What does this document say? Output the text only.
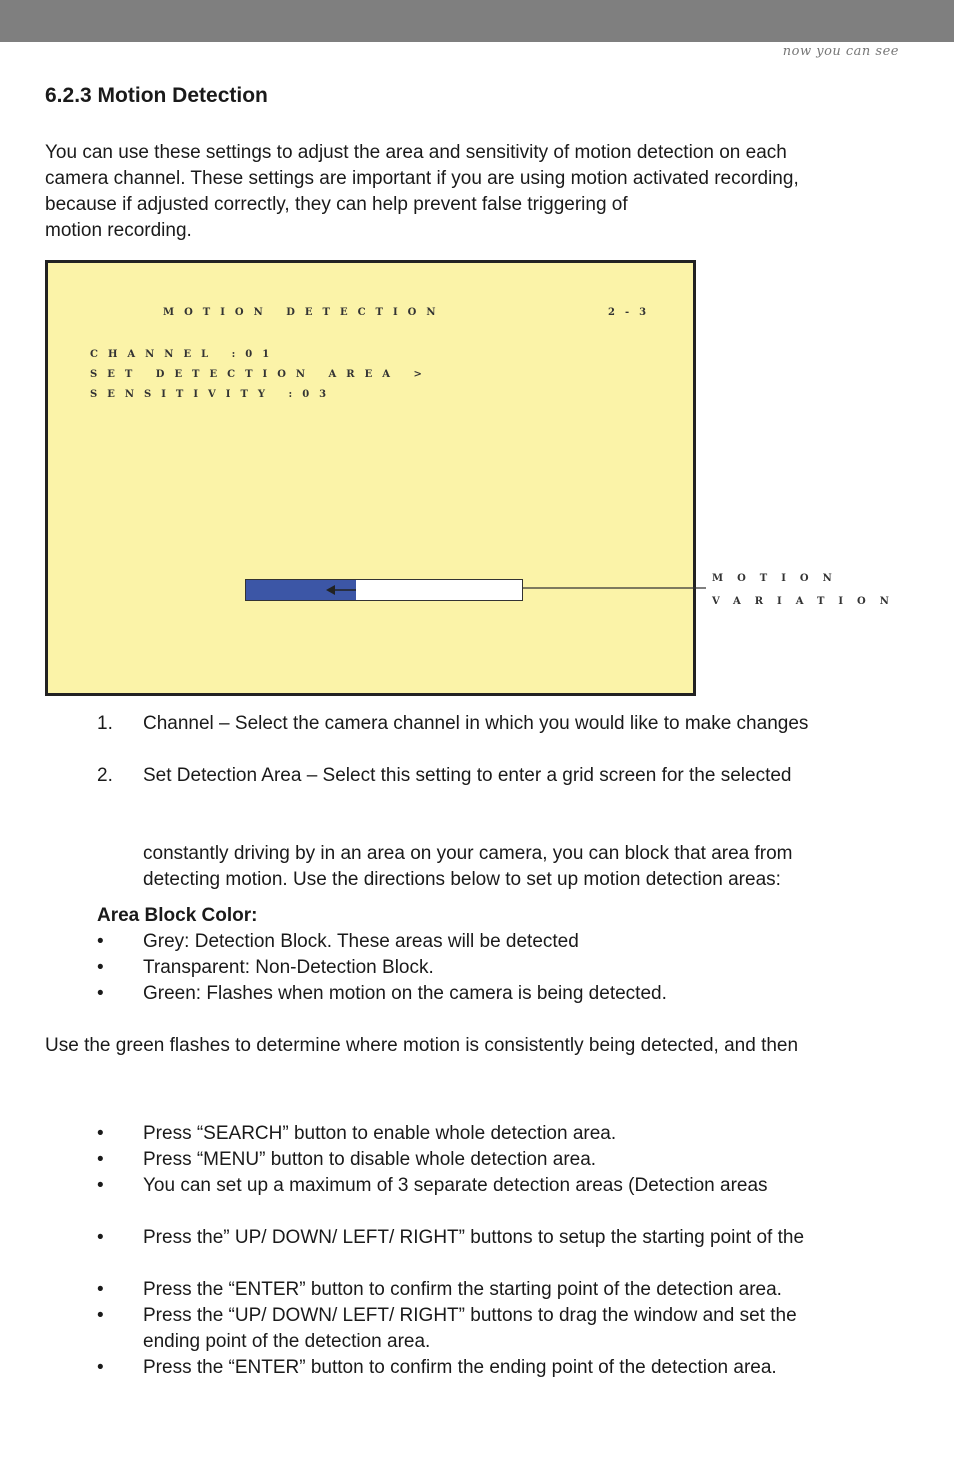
now you can see
6.2.3 Motion Detection

You can use these settings to adjust the area and sensitivity of motion detection on each
camera channel. These settings are important if you are using motion activated recording,
because if adjusted correctly, they can help prevent false triggering of
motion recording.

MOTION DETECTION	2-3
CHANNEL :01
SET DETECTION AREA >
SENSITIVITY :03
MOTION
VARIATION
1. Channel – Select the camera channel in which you would like to make changes
2. Set Detection Area – Select this setting to enter a grid screen for the selected
constantly driving by in an area on your camera, you can block that area from
detecting motion. Use the directions below to set up motion detection areas:
Area Block Color:
• Grey: Detection Block. These areas will be detected
• Transparent: Non-Detection Block.
• Green: Flashes when motion on the camera is being detected.
Use the green flashes to determine where motion is consistently being detected, and then
• Press “SEARCH” button to enable whole detection area.
• Press “MENU” button to disable whole detection area.
• You can set up a maximum of 3 separate detection areas (Detection areas
• Press the” UP/ DOWN/ LEFT/ RIGHT” buttons to setup the starting point of the
• Press the “ENTER” button to confirm the starting point of the detection area.
• Press the “UP/ DOWN/ LEFT/ RIGHT” buttons to drag the window and set the
ending point of the detection area.
• Press the “ENTER” button to confirm the ending point of the detection area.
